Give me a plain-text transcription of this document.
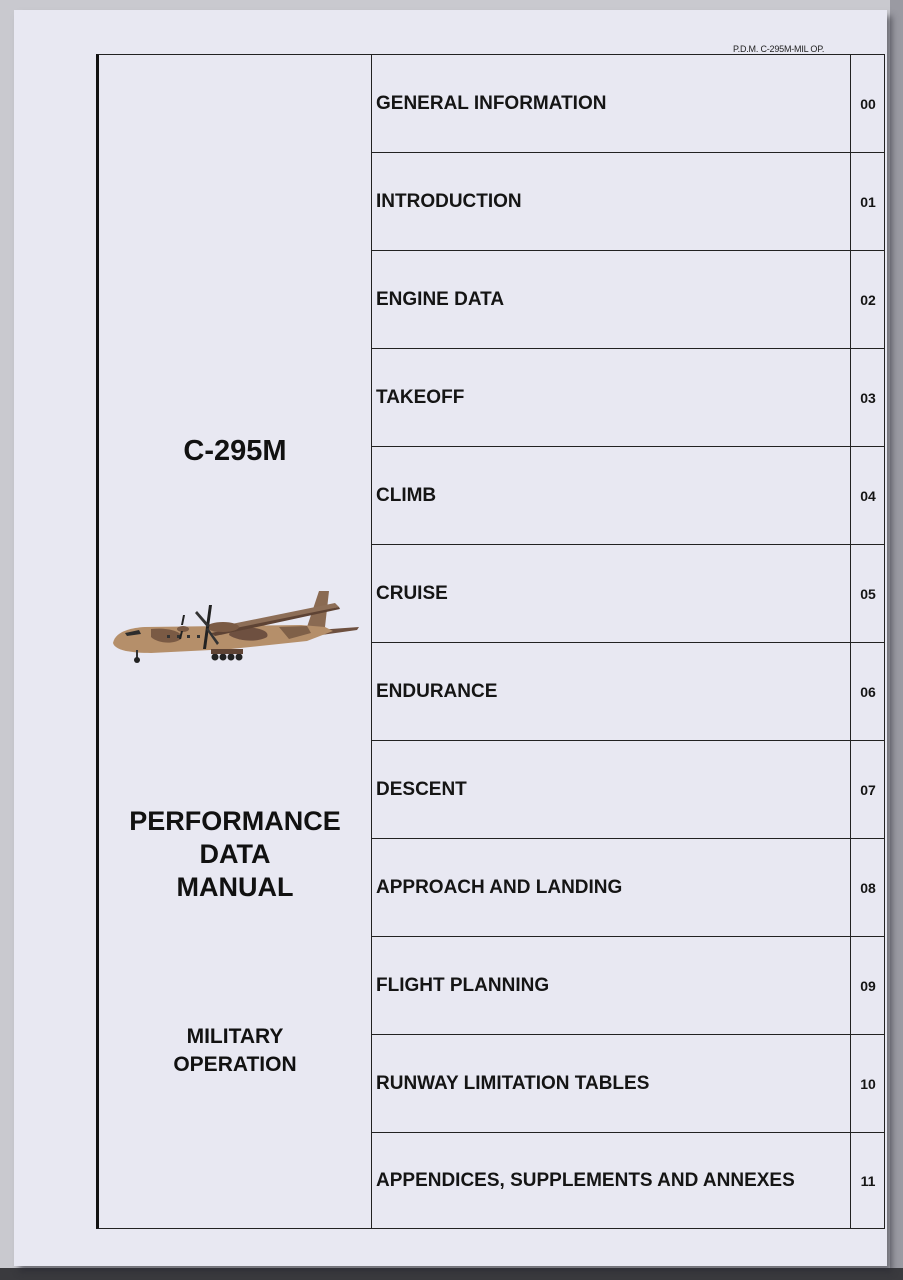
P.D.M. C-295M-MIL OP.
C-295M
PERFORMANCE
DATA
MANUAL
MILITARY
OPERATION
GENERAL INFORMATION	00
INTRODUCTION	01
ENGINE DATA	02
TAKEOFF	03
CLIMB	04
CRUISE	05
ENDURANCE	06
DESCENT	07
APPROACH AND LANDING	08
FLIGHT PLANNING	09
RUNWAY LIMITATION TABLES	10
APPENDICES, SUPPLEMENTS AND ANNEXES	11
